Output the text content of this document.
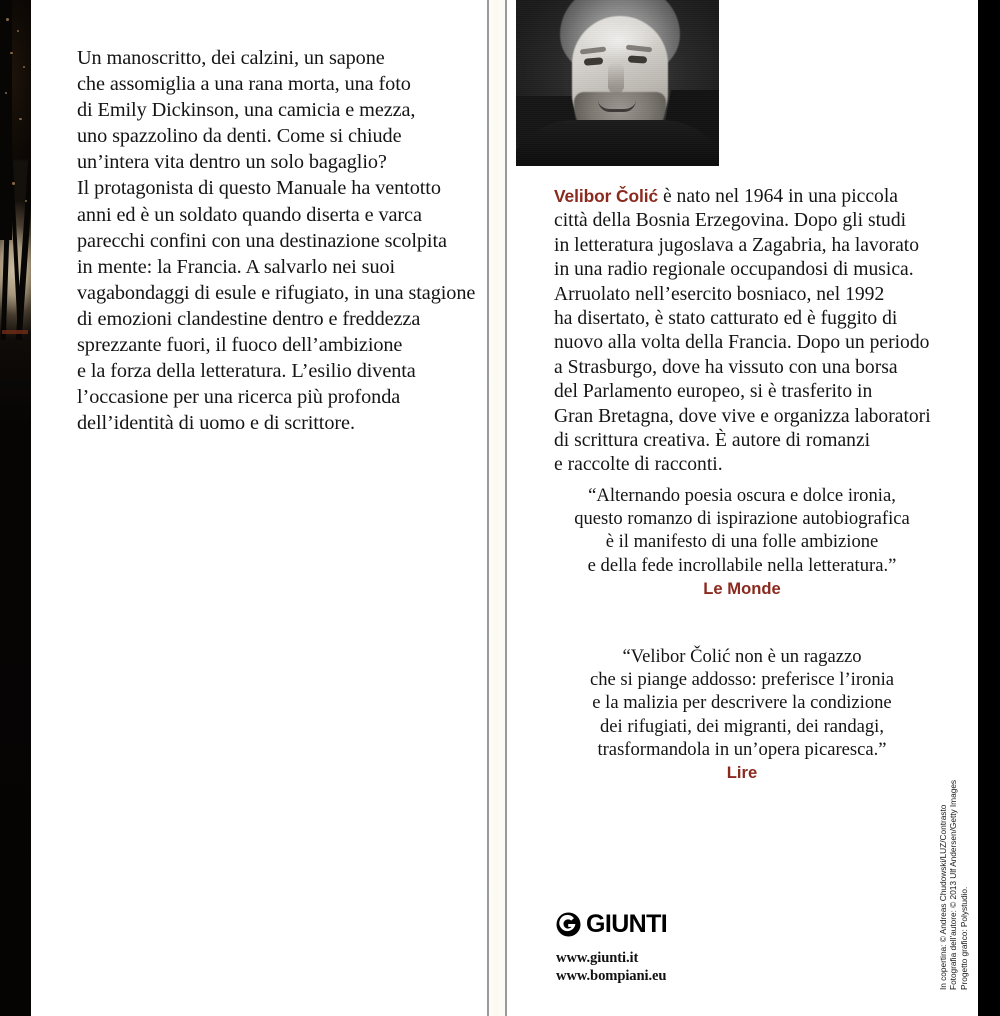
Un manoscritto, dei calzini, un sapone
che assomiglia a una rana morta, una foto
di Emily Dickinson, una camicia e mezza,
uno spazzolino da denti. Come si chiude
un’intera vita dentro un solo bagaglio?
Il protagonista di questo Manuale ha ventotto
anni ed è un soldato quando diserta e varca
parecchi confini con una destinazione scolpita
in mente: la Francia. A salvarlo nei suoi
vagabondaggi di esule e rifugiato, in una stagione
di emozioni clandestine dentro e freddezza
sprezzante fuori, il fuoco dell’ambizione
e la forza della letteratura. L’esilio diventa
l’occasione per una ricerca più profonda
dell’identità di uomo e di scrittore.
Velibor Čolić è nato nel 1964 in una piccola
città della Bosnia Erzegovina. Dopo gli studi
in letteratura jugoslava a Zagabria, ha lavorato
in una radio regionale occupandosi di musica.
Arruolato nell’esercito bosniaco, nel 1992
ha disertato, è stato catturato ed è fuggito di
nuovo alla volta della Francia. Dopo un periodo
a Strasburgo, dove ha vissuto con una borsa
del Parlamento europeo, si è trasferito in
Gran Bretagna, dove vive e organizza laboratori
di scrittura creativa. È autore di romanzi
e raccolte di racconti.
“Alternando poesia oscura e dolce ironia,
questo romanzo di ispirazione autobiografica
è il manifesto di una folle ambizione
e della fede incrollabile nella letteratura.”
Le Monde
“Velibor Čolić non è un ragazzo
che si piange addosso: preferisce l’ironia
e la malizia per descrivere la condizione
dei rifugiati, dei migranti, dei randagi,
trasformandola in un’opera picaresca.”
Lire
GIUNTI
www.giunti.it
www.bompiani.eu	In copertina: © Andreas Chudowski/LUZ/Contrasto Fotografia dell’autore: © 2013 Ulf Andersen/Getty Images Progetto grafico: Polystudio.
